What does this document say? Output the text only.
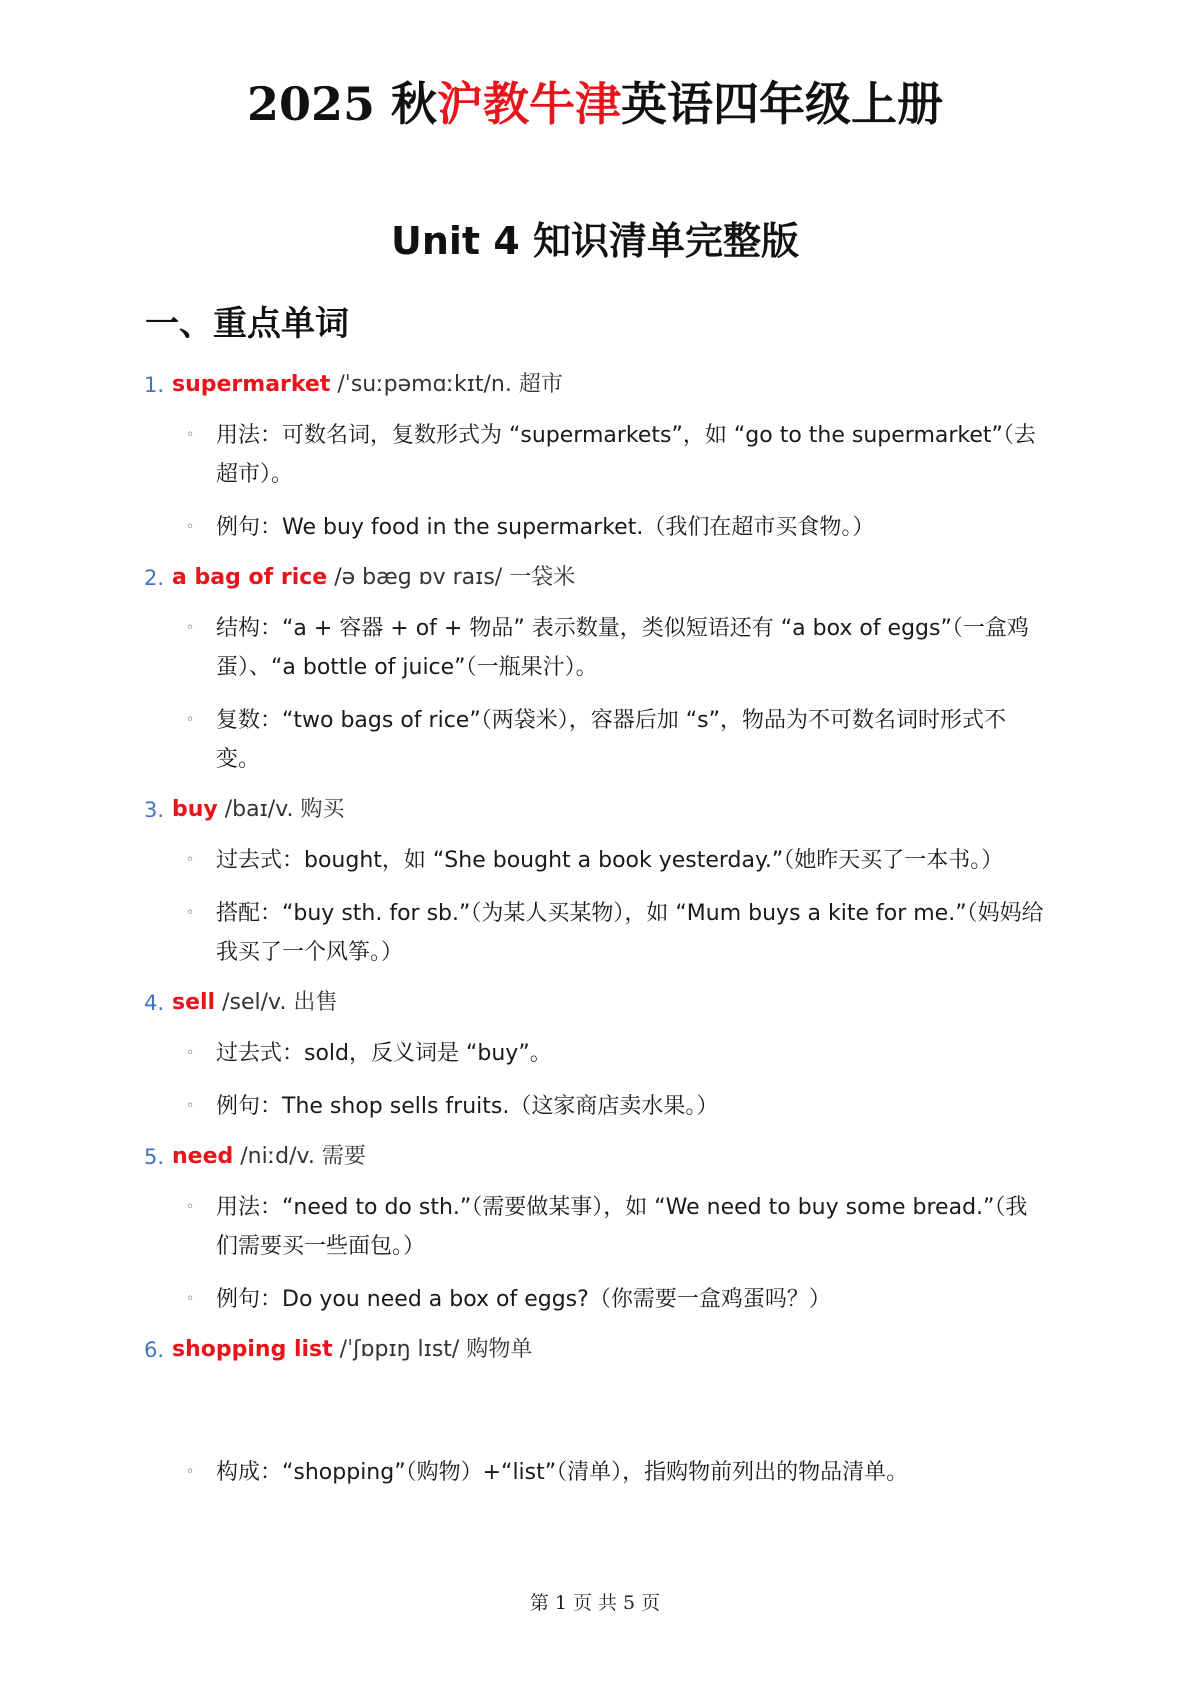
2025 秋沪教牛津英语四年级上册
Unit 4 知识清单完整版
一、重点单词
1. supermarket /ˈsuːpəmɑːkɪt/n. 超市
◦ 用法：可数名词，复数形式为 “supermarkets”，如 “go to the supermarket”（去超市）。
◦ 例句：We buy food in the supermarket.（我们在超市买食物。）
2. a bag of rice /ə bæɡ ɒv raɪs/ 一袋米
◦ 结构：“a + 容器 + of + 物品” 表示数量，类似短语还有 “a box of eggs”（一盒鸡蛋）、“a bottle of juice”（一瓶果汁）。
◦ 复数：“two bags of rice”（两袋米），容器后加 “s”，物品为不可数名词时形式不变。
3. buy /baɪ/v. 购买
◦ 过去式：bought，如 “She bought a book yesterday.”（她昨天买了一本书。）
◦ 搭配：“buy sth. for sb.”（为某人买某物），如 “Mum buys a kite for me.”（妈妈给我买了一个风筝。）
4. sell /sel/v. 出售
◦ 过去式：sold，反义词是 “buy”。
◦ 例句：The shop sells fruits.（这家商店卖水果。）
5. need /niːd/v. 需要
◦ 用法：“need to do sth.”（需要做某事），如 “We need to buy some bread.”（我们需要买一些面包。）
◦ 例句：Do you need a box of eggs?（你需要一盒鸡蛋吗？）
6. shopping list /ˈʃɒpɪŋ lɪst/ 购物单
◦ 构成：“shopping”（购物）+“list”（清单），指购物前列出的物品清单。
第 1 页 共 5 页
